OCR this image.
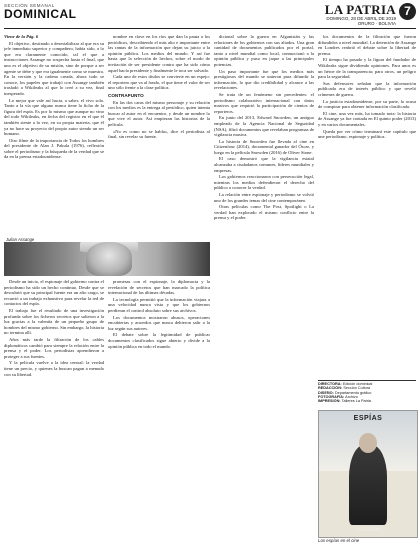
SECCIÓN SEMANAL
DOMINICAL	LA PATRIA
DOMINGO, 28 DE ABRIL DE 2019
ORURO · BOLIVIA
7

Viene de la Pág. 6

El objetivo, destinado a desestabilizar al que era su jefe inmediato superior y compañero, había sido, a lo que era claramente conocido, tal el que a instrucciones Assange no sospecha hasta el final, que uno es el objetivo de su misión, sino de porque a ser agente se debe y que era igualmente como se muestra. En la versión y la cadena creada, ahora todo se conoce, los papeles que trabajó con Assange también trasladó a Wikileaks al que lo creó a su vez, final inesperado.

Lo mejor que vale así hacia, a saber, el vivo sola. Tanto a la vía que alguno nunca tiene la ficha de la figura del espía. Es por lo mismo que aunque no vino del todo Wikileaks, en fecha del registro en el que él también siente a la vez, en su propia materia, que él ya no hace su proyecto del propio autor siendo un ser humano.

Otro filme de la importancia de Todos los hombres del presidente de Alan J. Pakula (1976), reflexión sobre el periodismo y la búsqueda de la verdad que se da en la prensa estadounidense.

nombre en clave en los ríos que dan la pauta a los periódicos, describiendo el más alto e importante entre las ramas de la información que dejan su juicio a la opinión pública. Los medios del mundo. Y así fue hasta que la selección de hechos, sobre el modo de invitación de ser presidente contra que ha sido cómo aquel hacía presidente y finalmente le toca ser salvado.

Cada uno de estos títulos se convierte en un espejo: el reportero que va al fondo, el que tiene el valor de ser uno sólo frente a la clase política.

CONTRAPUNTO

En las dos caras del mismo personaje y su relación con los medios es la entrega al periódico, quien intenta buscar al autor en el encuentro, y desde un nombre lo que vive el autor. Así empiezan las historias de la película.

«No es como no se habla», dice el periodista al final, sin revelar su fuente.

Julian Assange

Desde un inicio, el espionaje del gobierno contra el periodismo ha sido un hecho continuo. Desde que se descubrió que su principal fuente era un alto cargo, se recurrió a un trabajo exhaustivo para revelar la red de contactos del espía.

El trabajo fue el resultado de una investigación profunda sobre los ficheros secretos que salieron a la luz gracias a la valentía de un pequeño grupo de hombres del mismo gobierno. Sin embargo, la historia no termina allí.

Años más tarde la filtración de los cables diplomáticos cambió para siempre la relación entre la prensa y el poder. Los periodistas aprendieron a proteger a sus fuentes.

Y la película vuelve a la idea central: la verdad tiene un precio, y quienes la buscan pagan a menudo con su libertad.

promesas con el espionaje, la diplomacia y la revelación de secretos que han marcado la política internacional de las últimas décadas.

La tecnología permitió que la información viajara a una velocidad nunca vista y que los gobiernos perdieran el control absoluto sobre sus archivos.

Los documentos mostraron abusos, operaciones encubiertas y acuerdos que nunca debieron salir a la luz según sus autores.

El debate sobre la legitimidad de publicar documentos clasificados sigue abierto y divide a la opinión pública en todo el mundo.

dicional sobre la guerra en Afganistán y las relaciones de los gobiernos con sus aliados. Una gran cantidad de documentos publicados por el portal, tanto a nivel mundial como local, conmocionó a la opinión pública y puso en jaque a las principales potencias.

Un paso importante fue que los medios más prestigiosos del mundo se unieron para difundir la información, lo que dio credibilidad y alcance a las revelaciones.

Se trata de un fenómeno sin precedentes: el periodismo colaborativo internacional con datos masivos que requirió la participación de cientos de reporteros.

En junio del 2013, Edward Snowden, un antiguo empleado de la Agencia Nacional de Seguridad (NSA), filtró documentos que revelaban programas de vigilancia masiva.

La historia de Snowden fue llevada al cine en Citizenfour (2014), documental ganador del Óscar, y luego en la película Snowden (2016) de Oliver Stone.

El caso demostró que la vigilancia estatal alcanzaba a ciudadanos comunes, líderes mundiales y empresas.

Los gobiernos reaccionaron con persecución legal, mientras los medios defendieron el derecho del público a conocer la verdad.

La relación entre espionaje y periodismo se volvió uno de los grandes temas del cine contemporáneo.

Otras películas como The Post, Spotlight o La verdad han explorado el mismo conflicto entre la prensa y el poder.

los documentos de la filtración que fueron difundidos a nivel mundial. La detención de Assange en Londres reabrió el debate sobre la libertad de prensa.

El tiempo ha pasado y la figura del fundador de Wikileaks sigue dividiendo opiniones. Para unos es un héroe de la transparencia; para otros, un peligro para la seguridad.

Sus defensores señalan que la información publicada era de interés público y que reveló crímenes de guerra.

La justicia estadounidense, por su parte, lo acusa de conspirar para obtener información clasificada.

El cine, una vez más, ha tomado nota: la historia de Assange ya fue contada en El quinto poder (2013) y en varios documentales.

Queda por ver cómo terminará este capítulo que une periodismo, espionaje y política.

DIRECTORA: Edición dominical
REDACCIÓN: Sección Cultura
DISEÑO: Departamento gráfico
FOTOGRAFÍA: Archivo
IMPRESIÓN: Talleres La Patria
ESPÍAS
LA PATRIA
Los espías en el cine
